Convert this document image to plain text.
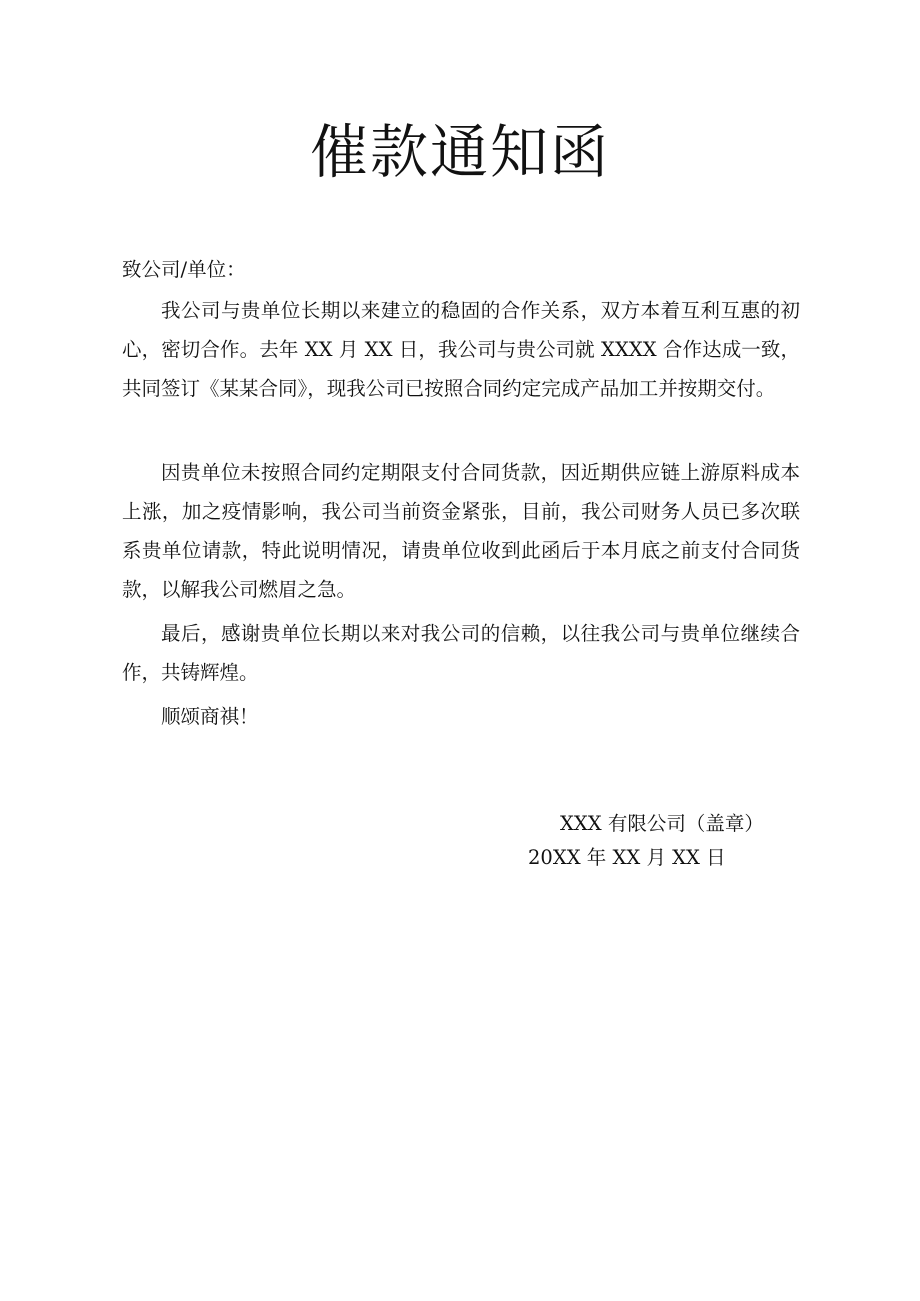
催款通知函

致公司/单位：

我公司与贵单位长期以来建立的稳固的合作关系，双方本着互利互惠的初心，密切合作。去年 XX 月 XX 日，我公司与贵公司就 XXXX 合作达成一致，共同签订《某某合同》，现我公司已按照合同约定完成产品加工并按期交付。

因贵单位未按照合同约定期限支付合同货款，因近期供应链上游原料成本上涨，加之疫情影响，我公司当前资金紧张，目前，我公司财务人员已多次联系贵单位请款，特此说明情况，请贵单位收到此函后于本月底之前支付合同货款，以解我公司燃眉之急。

最后，感谢贵单位长期以来对我公司的信赖，以往我公司与贵单位继续合作，共铸辉煌。

顺颂商祺！

XXX 有限公司（盖章）
20XX 年 XX 月 XX 日
